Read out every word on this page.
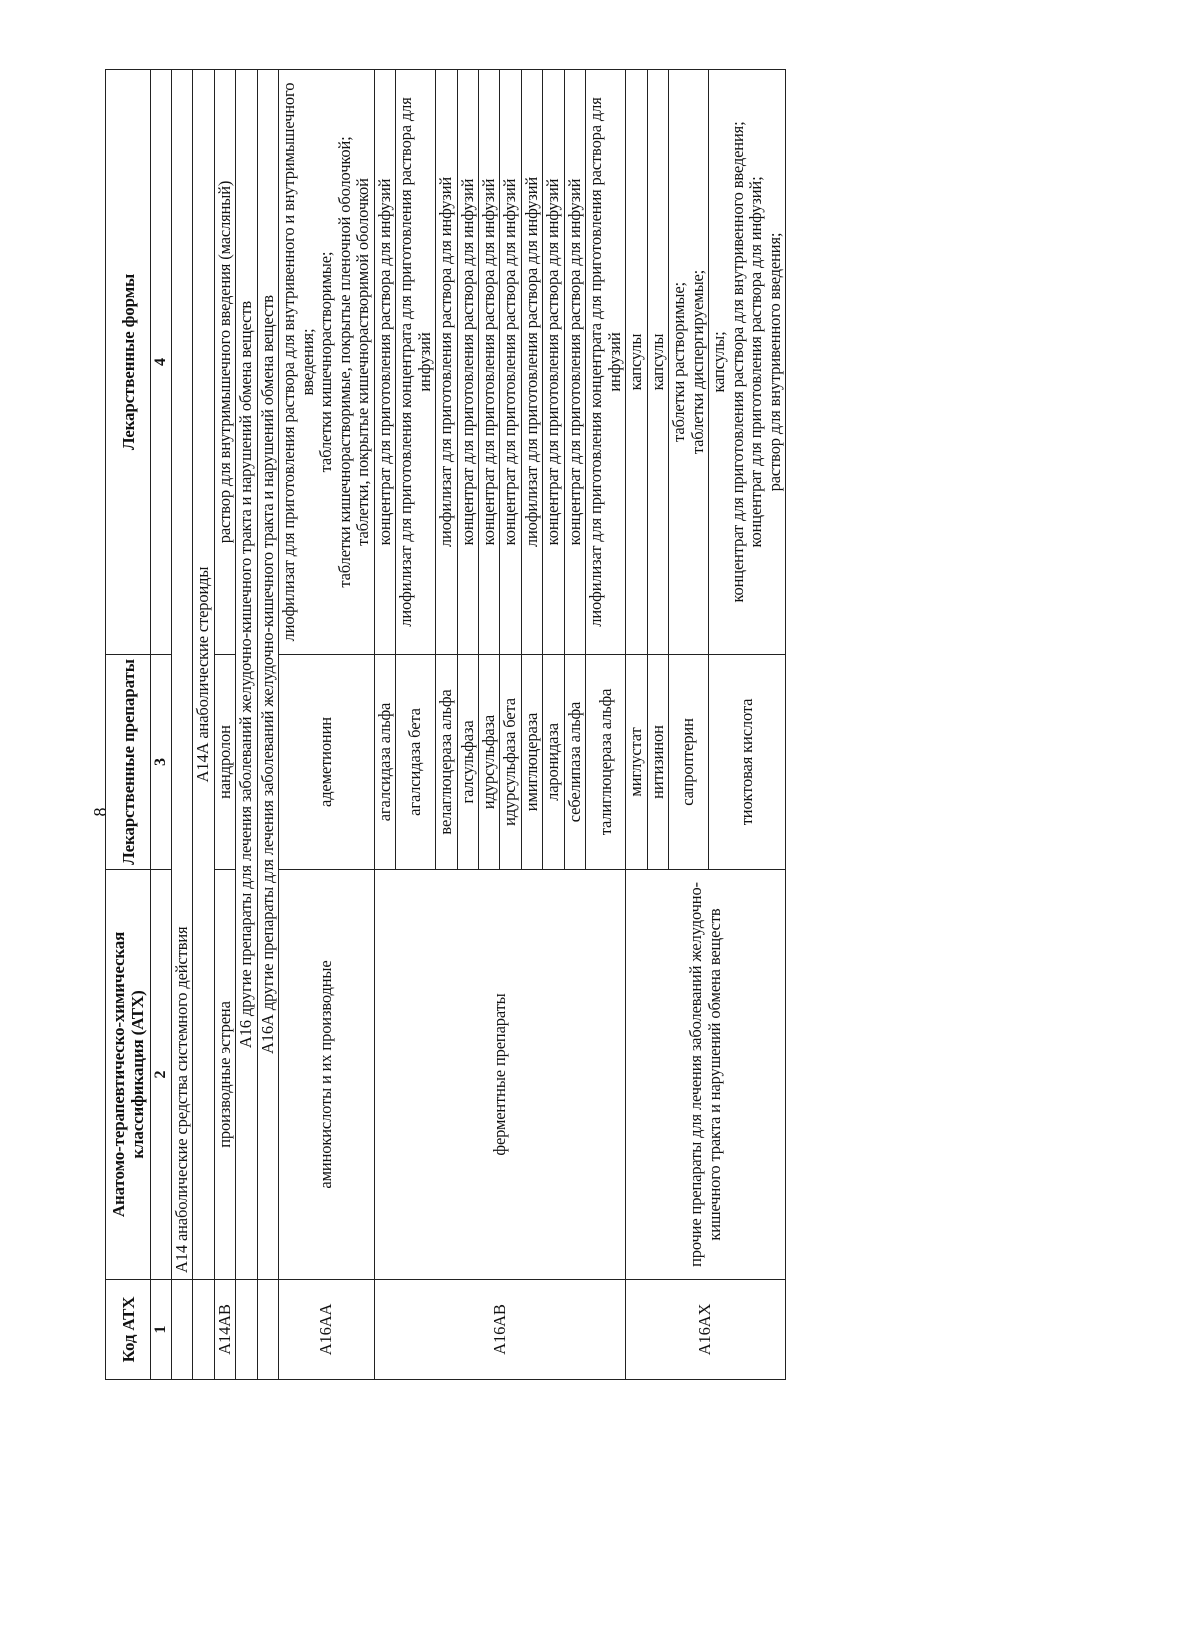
8
Код АТХ	Анатомо-терапевтическо-химическая классификация (АТХ)	Лекарственные препараты	Лекарственные формы
1	2	3	4
	А14 анаболические средства системного действия		
	А14А анаболические стероиды		
А14АВ	производные эстрена	нандролон	раствор для внутримышечного введения (масляный)
	А16 другие препараты для лечения заболеваний желудочно-кишечного тракта и нарушений обмена веществ		
	А16А другие препараты для лечения заболеваний желудочно-кишечного тракта и нарушений обмена веществ		
А16АА	аминокислоты и их производные	адеметионин	лиофилизат для приготовления раствора для внутривенного и внутримышечного введения; таблетки кишечнорастворимые; таблетки кишечнорастворимые, покрытые пленочной оболочкой; таблетки, покрытые кишечнорастворимой оболочкой

А16АВ	ферментные препараты	агалсидаза альфа	концентрат для приготовления раствора для инфузий
		агалсидаза бета	лиофилизат для приготовления концентрата для приготовления раствора для инфузий
		велаглюцераза альфа	лиофилизат для приготовления раствора для инфузий
		галсульфаза	концентрат для приготовления раствора для инфузий
		идурсульфаза	концентрат для приготовления раствора для инфузий
		идурсульфаза бета	концентрат для приготовления раствора для инфузий
		имиглюцераза	лиофилизат для приготовления раствора для инфузий
		ларонидаза	концентрат для приготовления раствора для инфузий
		себелипаза альфа	концентрат для приготовления раствора для инфузий
		талиглюцераза альфа	лиофилизат для приготовления концентрата для приготовления раствора для инфузий
А16АХ	прочие препараты для лечения заболеваний желудочно-кишечного тракта и нарушений обмена веществ	миглустат	капсулы
		нитизинон	капсулы
		сапроптерин	таблетки растворимые; таблетки диспергируемые;

		тиоктовая кислота	капсулы; концентрат для приготовления раствора для внутривенного введения; концентрат для приготовления раствора для инфузий; раствор для внутривенного введения;
